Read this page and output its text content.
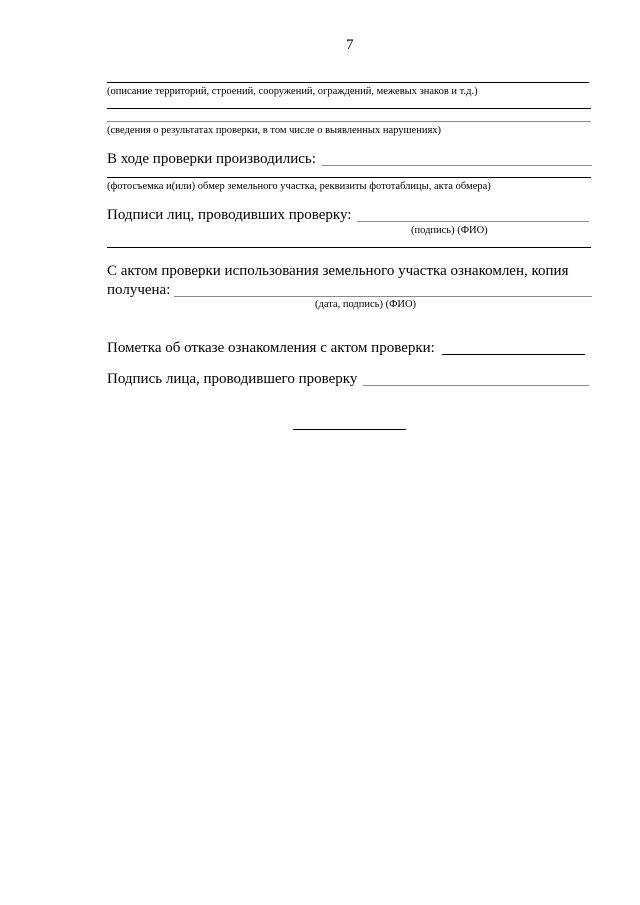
7
(описание территорий, строений, сооружений, ограждений, межевых знаков и т.д.)
(сведения о результатах проверки, в том числе о выявленных нарушениях)
В ходе проверки производились:
(фотосъемка и(или) обмер земельного участка, реквизиты фототаблицы, акта обмера)
Подписи лиц, проводивших проверку:
(подпись) (ФИО)
С актом проверки использования земельного участка ознакомлен, копия
получена:
(дата, подпись) (ФИО)
Пометка об отказе ознакомления с актом проверки:
Подпись лица, проводившего проверку
